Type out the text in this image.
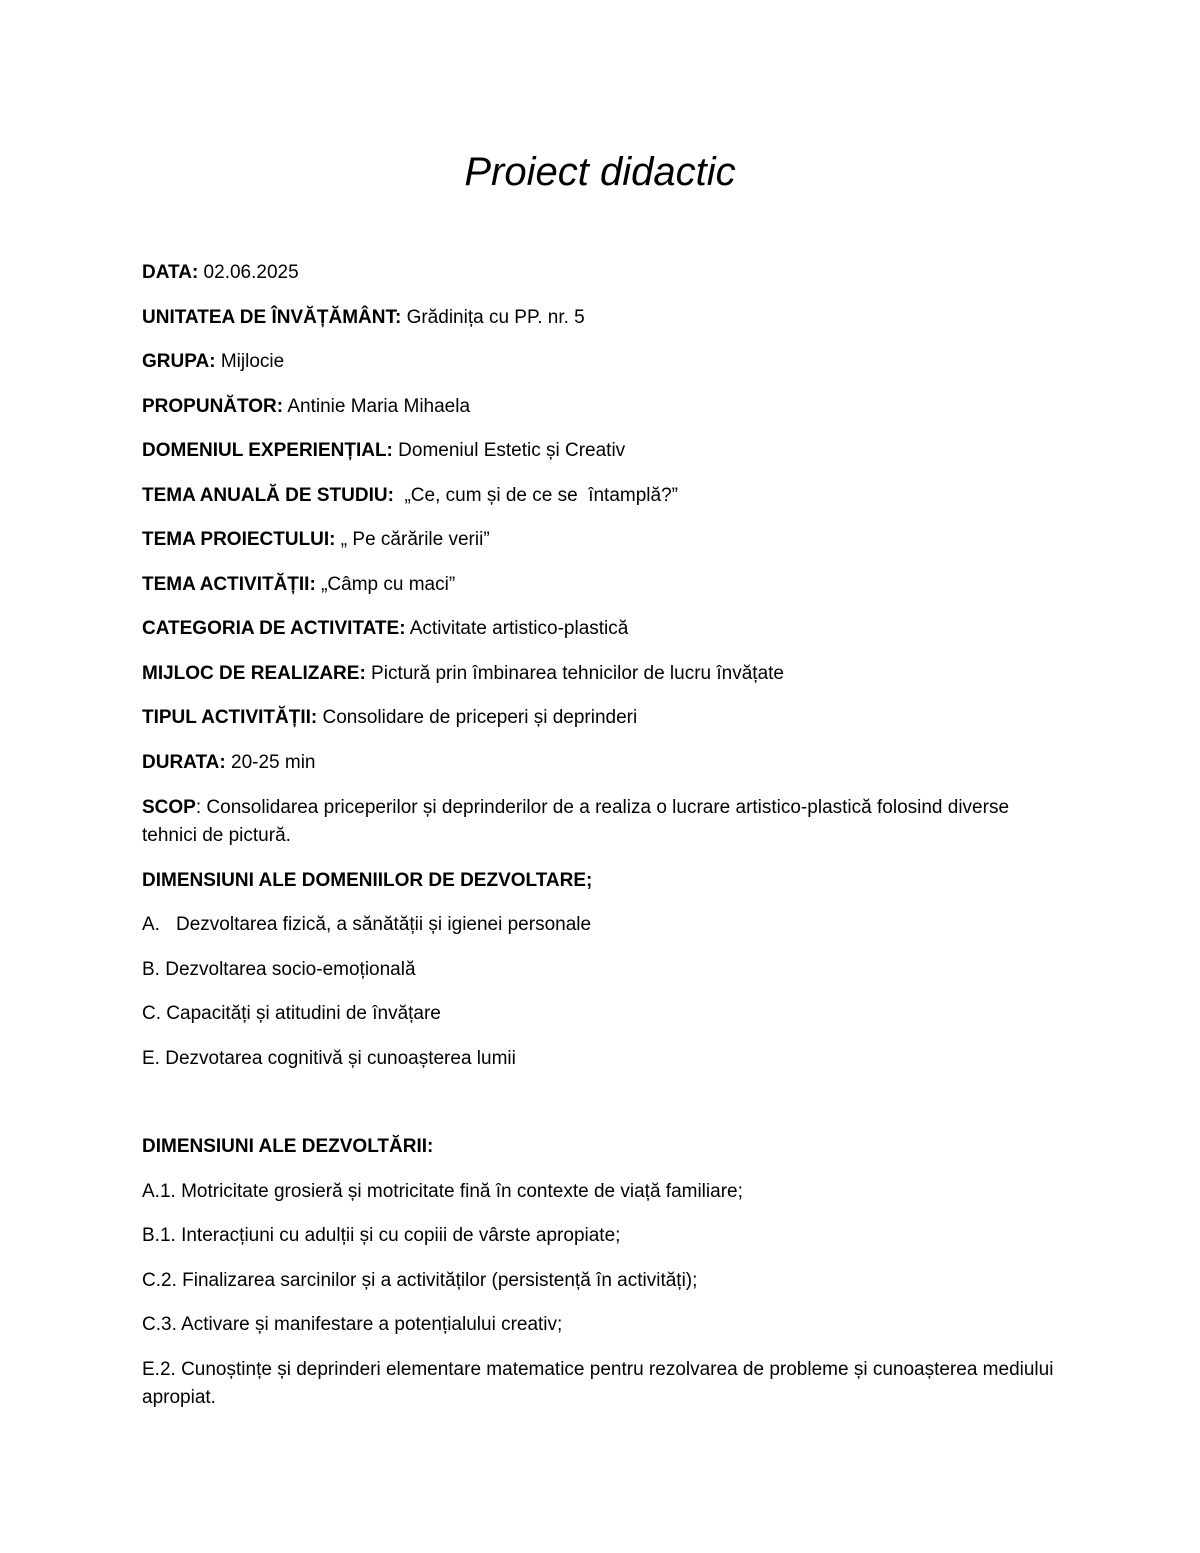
Proiect didactic

DATA: 02.06.2025

UNITATEA DE ÎNVĂȚĂMÂNT: Grădinița cu PP. nr. 5

GRUPA: Mijlocie

PROPUNĂTOR: Antinie Maria Mihaela

DOMENIUL EXPERIENȚIAL: Domeniul Estetic și Creativ

TEMA ANUALĂ DE STUDIU:  „Ce, cum și de ce se  întamplă?”

TEMA PROIECTULUI: „ Pe cărările verii”

TEMA ACTIVITĂȚII: „Câmp cu maci”

CATEGORIA DE ACTIVITATE: Activitate artistico-plastică

MIJLOC DE REALIZARE: Pictură prin îmbinarea tehnicilor de lucru învățate

TIPUL ACTIVITĂȚII: Consolidare de priceperi și deprinderi

DURATA: 20-25 min

SCOP: Consolidarea priceperilor și deprinderilor de a realiza o lucrare artistico-plastică folosind diverse tehnici de pictură.

DIMENSIUNI ALE DOMENIILOR DE DEZVOLTARE;

A. Dezvoltarea fizică, a sănătății și igienei personale

B. Dezvoltarea socio-emoțională

C. Capacități și atitudini de învățare

E. Dezvotarea cognitivă și cunoașterea lumii

DIMENSIUNI ALE DEZVOLTĂRII:

A.1. Motricitate grosieră și motricitate fină în contexte de viață familiare;

B.1. Interacțiuni cu adulții și cu copiii de vârste apropiate;

C.2. Finalizarea sarcinilor și a activităților (persistență în activități);

C.3. Activare și manifestare a potențialului creativ;

E.2. Cunoștințe și deprinderi elementare matematice pentru rezolvarea de probleme și cunoașterea mediului apropiat.
